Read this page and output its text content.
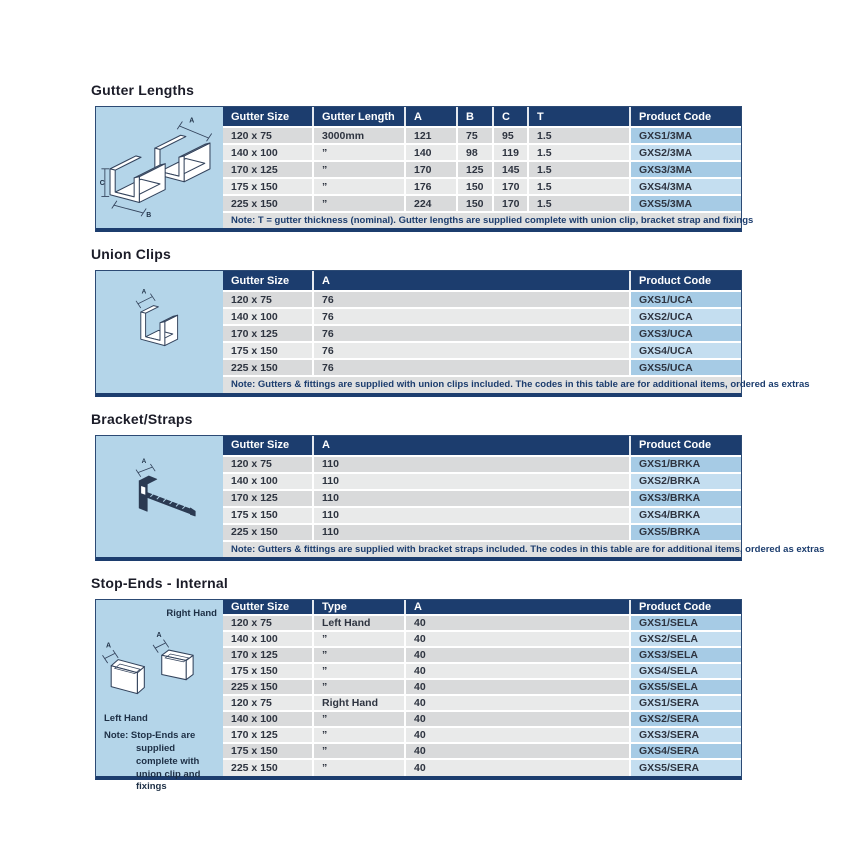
Gutter Lengths
A
C
B
Gutter Size	Gutter Length	A	B	C	T	Product Code
120 x 75	3000mm	121	75	95	1.5	GXS1/3MA
140 x 100	”	140	98	119	1.5	GXS2/3MA
170 x 125	”	170	125	145	1.5	GXS3/3MA
175 x 150	”	176	150	170	1.5	GXS4/3MA
225 x 150	”	224	150	170	1.5	GXS5/3MA
Note: T = gutter thickness (nominal). Gutter lengths are supplied complete with union clip, bracket strap and fixings
Union Clips
A
Gutter Size	A	Product Code
120 x 75	76	GXS1/UCA
140 x 100	76	GXS2/UCA
170 x 125	76	GXS3/UCA
175 x 150	76	GXS4/UCA
225 x 150	76	GXS5/UCA
Note: Gutters & fittings are supplied with union clips included. The codes in this table are for additional items, ordered as extras
Bracket/Straps
A
Gutter Size	A	Product Code
120 x 75	110	GXS1/BRKA
140 x 100	110	GXS2/BRKA
170 x 125	110	GXS3/BRKA
175 x 150	110	GXS4/BRKA
225 x 150	110	GXS5/BRKA
Note: Gutters & fittings are supplied with bracket straps included. The codes in this table are for additional items, ordered as extras
Stop-Ends - Internal
Right Hand
A
A
Left Hand
Note: Stop-Ends are supplied complete with union clip and fixings
Gutter Size	Type	A	Product Code
120 x 75	Left Hand	40	GXS1/SELA
140 x 100	”	40	GXS2/SELA
170 x 125	”	40	GXS3/SELA
175 x 150	”	40	GXS4/SELA
225 x 150	”	40	GXS5/SELA
120 x 75	Right Hand	40	GXS1/SERA
140 x 100	”	40	GXS2/SERA
170 x 125	”	40	GXS3/SERA
175 x 150	”	40	GXS4/SERA
225 x 150	”	40	GXS5/SERA
